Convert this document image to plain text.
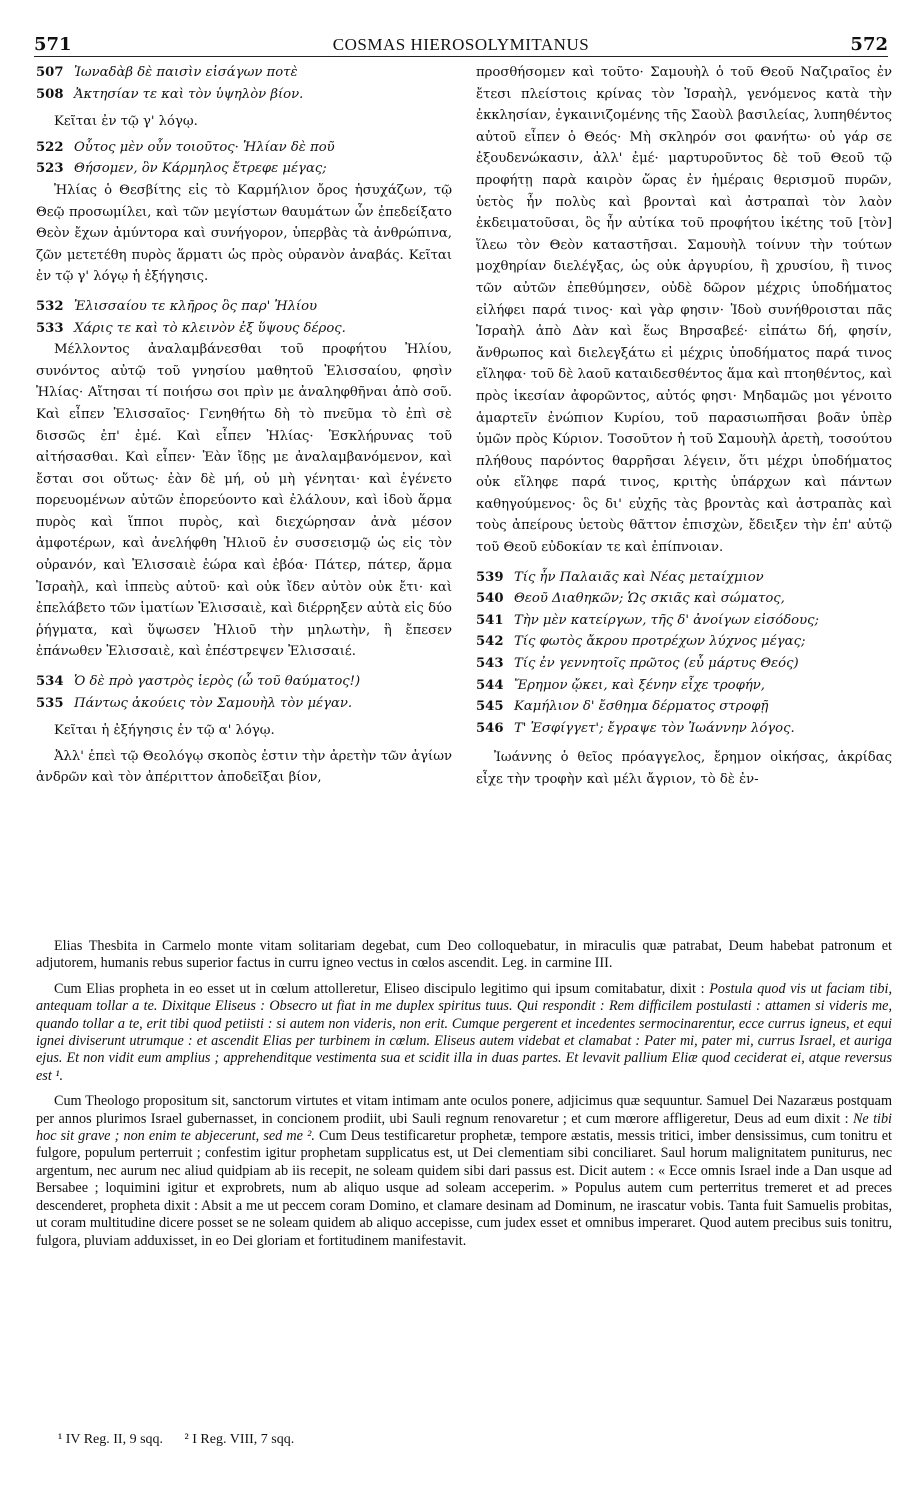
571	COSMAS HIEROSOLYMITANUS	572
507 Ἰωναδὰβ δὲ παισὶν εἰσάγων ποτὲ
508 Ἀκτησίαν τε καὶ τὸν ὑψηλὸν βίον.

Κεῖται ἐν τῷ γ' λόγῳ.

522 Οὗτος μὲν οὖν τοιοῦτος· Ἠλίαν δὲ ποῦ
523 Θήσομεν, ὃν Κάρμηλος ἔτρεφε μέγας;

Ἠλίας ὁ Θεσβίτης εἰς τὸ Καρμήλιον ὄρος ἡσυχάζων, τῷ Θεῷ προσωμίλει, καὶ τῶν μεγίστων θαυμάτων ὧν ἐπεδείξατο Θεὸν ἔχων ἀμύντορα καὶ συνήγορον, ὑπερβὰς τὰ ἀνθρώπινα, ζῶν μετετέθη πυρὸς ἅρματι ὡς πρὸς οὐρανὸν ἀναβάς. Κεῖται ἐν τῷ γ' λόγῳ ἡ ἐξήγησις.

532 Ἐλισσαίου τε κλῆρος ὃς παρ' Ἠλίου
533 Χάρις τε καὶ τὸ κλεινὸν ἐξ ὕψους δέρος.

Μέλλοντος ἀναλαμβάνεσθαι τοῦ προφήτου Ἠλίου, συνόντος αὐτῷ τοῦ γνησίου μαθητοῦ Ἐλισσαίου, φησὶν Ἠλίας· Αἴτησαι τί ποιήσω σοι πρὶν με ἀναληφθῆναι ἀπὸ σοῦ. Καὶ εἶπεν Ἐλισσαῖος· Γενηθήτω δὴ τὸ πνεῦμα τὸ ἐπὶ σὲ δισσῶς ἐπ' ἐμέ. Καὶ εἶπεν Ἠλίας· Ἐσκλήρυνας τοῦ αἰτήσασθαι. Καὶ εἶπεν· Ἐὰν ἴδῃς με ἀναλαμβανόμενον, καὶ ἔσται σοι οὕτως· ἐὰν δὲ μή, οὐ μὴ γένηται· καὶ ἐγένετο πορευομένων αὐτῶν ἐπορεύοντο καὶ ἐλάλουν, καὶ ἰδοὺ ἅρμα πυρὸς καὶ ἵπποι πυρὸς, καὶ διεχώρησαν ἀνὰ μέσον ἀμφοτέρων, καὶ ἀνελήφθη Ἠλιοῦ ἐν συσσεισμῷ ὡς εἰς τὸν οὐρανόν, καὶ Ἐλισσαιὲ ἑώρα καὶ ἐβόα· Πάτερ, πάτερ, ἅρμα Ἰσραὴλ, καὶ ἱππεὺς αὐτοῦ· καὶ οὐκ ἴδεν αὐτὸν οὐκ ἔτι· καὶ ἐπελάβετο τῶν ἱματίων Ἐλισσαιὲ, καὶ διέρρηξεν αὐτὰ εἰς δύο ῥήγματα, καὶ ὕψωσεν Ἠλιοῦ τὴν μηλωτὴν, ἣ ἔπεσεν ἐπάνωθεν Ἐλισσαιὲ, καὶ ἐπέστρεψεν Ἐλισσαιέ.

534 Ὁ δὲ πρὸ γαστρὸς ἱερὸς (ὦ τοῦ θαύματος!)
535 Πάντως ἀκούεις τὸν Σαμουὴλ τὸν μέγαν.

Κεῖται ἡ ἐξήγησις ἐν τῷ α' λόγῳ.

Ἀλλ' ἐπεὶ τῷ Θεολόγῳ σκοπὸς ἐστιν τὴν ἀρετὴν τῶν ἁγίων ἀνδρῶν καὶ τὸν ἀπέριττον ἀποδεῖξαι βίον,

προσθήσομεν καὶ τοῦτο· Σαμουὴλ ὁ τοῦ Θεοῦ Ναζιραῖος ἐν ἔτεσι πλείστοις κρίνας τὸν Ἰσραὴλ, γενόμενος κατὰ τὴν ἐκκλησίαν, ἐγκαινιζομένης τῆς Σαοὺλ βασιλείας, λυπηθέντος αὐτοῦ εἶπεν ὁ Θεός· Μὴ σκληρόν σοι φανήτω· οὐ γάρ σε ἐξουδενώκασιν, ἀλλ' ἐμέ· μαρτυροῦντος δὲ τοῦ Θεοῦ τῷ προφήτῃ παρὰ καιρὸν ὥρας ἐν ἡμέραις θερισμοῦ πυρῶν, ὑετὸς ἦν πολὺς καὶ βρονταὶ καὶ ἀστραπαὶ τὸν λαὸν ἐκδειματοῦσαι, ὃς ἦν αὐτίκα τοῦ προφήτου ἱκέτης τοῦ [τὸν] ἵλεω τὸν Θεὸν καταστῆσαι. Σαμουὴλ τοίνυν τὴν τούτων μοχθηρίαν διελέγξας, ὡς οὐκ ἀργυρίου, ἢ χρυσίου, ἢ τινος τῶν αὐτῶν ἐπεθύμησεν, οὐδὲ δῶρον μέχρις ὑποδήματος εἰλήφει παρά τινος· καὶ γὰρ φησιν· Ἰδοὺ συνήθροισται πᾶς Ἰσραὴλ ἀπὸ Δὰν καὶ ἕως Βηρσαβεέ· εἰπάτω δή, φησίν, ἄνθρωπος καὶ διελεγξάτω εἰ μέχρις ὑποδήματος παρά τινος εἴληφα· τοῦ δὲ λαοῦ καταιδεσθέντος ἅμα καὶ πτοηθέντος, καὶ πρὸς ἱκεσίαν ἀφορῶντος, αὐτός φησι· Μηδαμῶς μοι γένοιτο ἁμαρτεῖν ἐνώπιον Κυρίου, τοῦ παρασιωπῆσαι βοᾶν ὑπὲρ ὑμῶν πρὸς Κύριον. Τοσοῦτον ἡ τοῦ Σαμουὴλ ἀρετὴ, τοσούτου πλήθους παρόντος θαρρῆσαι λέγειν, ὅτι μέχρι ὑποδήματος οὐκ εἴληφε παρά τινος, κριτὴς ὑπάρχων καὶ πάντων καθηγούμενος· ὃς δι' εὐχῆς τὰς βροντὰς καὶ ἀστραπὰς καὶ τοὺς ἀπείρους ὑετοὺς θᾶττον ἐπισχὼν, ἔδειξεν τὴν ἐπ' αὐτῷ τοῦ Θεοῦ εὐδοκίαν τε καὶ ἐπίπνοιαν.

539 Τίς ἦν Παλαιᾶς καὶ Νέας μεταίχμιον
540 Θεοῦ Διαθηκῶν; Ὡς σκιᾶς καὶ σώματος,
541 Τὴν μὲν κατείργων, τῆς δ' ἀνοίγων εἰσόδους;
542 Τίς φωτὸς ἄκρου προτρέχων λύχνος μέγας;
543 Τίς ἐν γεννητοῖς πρῶτος (εὖ μάρτυς Θεός)
544 Ἔρημον ᾤκει, καὶ ξένην εἶχε τροφήν,
545 Καμήλιον δ' ἔσθημα δέρματος στροφῇ
546 Τ' Ἐσφίγγετ'; ἔγραψε τὸν Ἰωάννην λόγος.

Ἰωάννης ὁ θεῖος πρόαγγελος, ἔρημον οἰκήσας, ἀκρίδας εἶχε τὴν τροφὴν καὶ μέλι ἄγριον, τὸ δὲ ἐν-

Elias Thesbita in Carmelo monte vitam solitariam degebat, cum Deo colloquebatur, in miraculis quæ patrabat, Deum habebat patronum et adjutorem, humanis rebus superior factus in curru igneo vectus in cœlos ascendit. Leg. in carmine III.

Cum Elias propheta in eo esset ut in cœlum attolleretur, Eliseo discipulo legitimo qui ipsum comitabatur, dixit : Postula quod vis ut faciam tibi, antequam tollar a te. Dixitque Eliseus : Obsecro ut fiat in me duplex spiritus tuus. Qui respondit : Rem difficilem postulasti : attamen si videris me, quando tollar a te, erit tibi quod petiisti : si autem non videris, non erit. Cumque pergerent et incedentes sermocinarentur, ecce currus igneus, et equi ignei diviserunt utrumque : et ascendit Elias per turbinem in cœlum. Eliseus autem videbat et clamabat : Pater mi, pater mi, currus Israel, et auriga ejus. Et non vidit eum amplius ; apprehenditque vestimenta sua et scidit illa in duas partes. Et levavit pallium Eliæ quod ceciderat ei, atque reversus est ¹.

Cum Theologo propositum sit, sanctorum virtutes et vitam intimam ante oculos ponere, adjicimus quæ sequuntur. Samuel Dei Nazaræus postquam per annos plurimos Israel gubernasset, in concionem prodiit, ubi Sauli regnum renovaretur ; et cum mœrore affligeretur, Deus ad eum dixit : Ne tibi hoc sit grave ; non enim te abjecerunt, sed me ². Cum Deus testificaretur prophetæ, tempore æstatis, messis tritici, imber densissimus, cum tonitru et fulgore, populum perterruit ; confestim igitur prophetam supplicatus est, ut Dei clementiam sibi conciliaret. Saul horum malignitatem puniturus, nec argentum, nec aurum nec aliud quidpiam ab iis recepit, ne soleam quidem sibi dari passus est. Dicit autem : « Ecce omnis Israel inde a Dan usque ad Bersabee ; loquimini igitur et exprobrets, num ab aliquo usque ad soleam acceperim. » Populus autem cum perterritus tremeret et ad preces descenderet, propheta dixit : Absit a me ut peccem coram Domino, et clamare desinam ad Dominum, ne irascatur vobis. Tanta fuit Samuelis probitas, ut coram multitudine dicere posset se ne soleam quidem ab aliquo accepisse, cum judex esset et omnibus imperaret. Quod autem precibus suis tonitru, fulgora, pluviam adduxisset, in eo Dei gloriam et fortitudinem manifestavit.

¹ IV Reg. II, 9 sqq. ² I Reg. VIII, 7 sqq.
